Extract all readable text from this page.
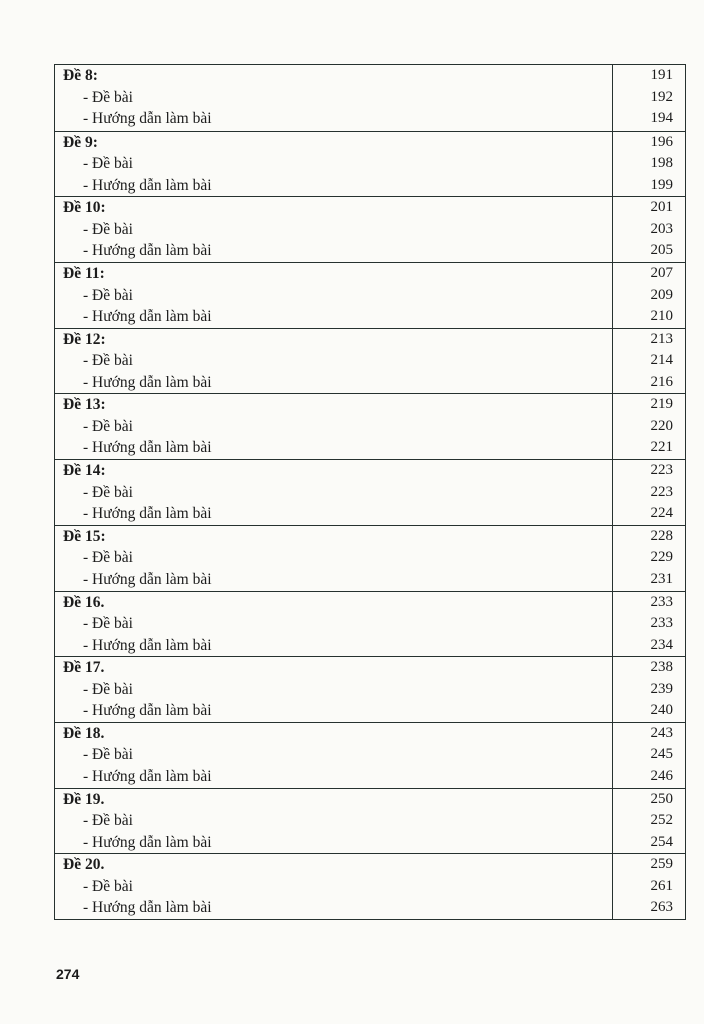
Đề 8:
- Đề bài
- Hướng dẫn làm bài
191
192
194
Đề 9:
- Đề bài
- Hướng dẫn làm bài
196
198
199
Đề 10:
- Đề bài
- Hướng dẫn làm bài
201
203
205
Đề 11:
- Đề bài
- Hướng dẫn làm bài
207
209
210
Đề 12:
- Đề bài
- Hướng dẫn làm bài
213
214
216
Đề 13:
- Đề bài
- Hướng dẫn làm bài
219
220
221
Đề 14:
- Đề bài
- Hướng dẫn làm bài
223
223
224
Đề 15:
- Đề bài
- Hướng dẫn làm bài
228
229
231
Đề 16.
- Đề bài
- Hướng dẫn làm bài
233
233
234
Đề 17.
- Đề bài
- Hướng dẫn làm bài
238
239
240
Đề 18.
- Đề bài
- Hướng dẫn làm bài
243
245
246
Đề 19.
- Đề bài
- Hướng dẫn làm bài
250
252
254
Đề 20.
- Đề bài
- Hướng dẫn làm bài
259
261
263
274
